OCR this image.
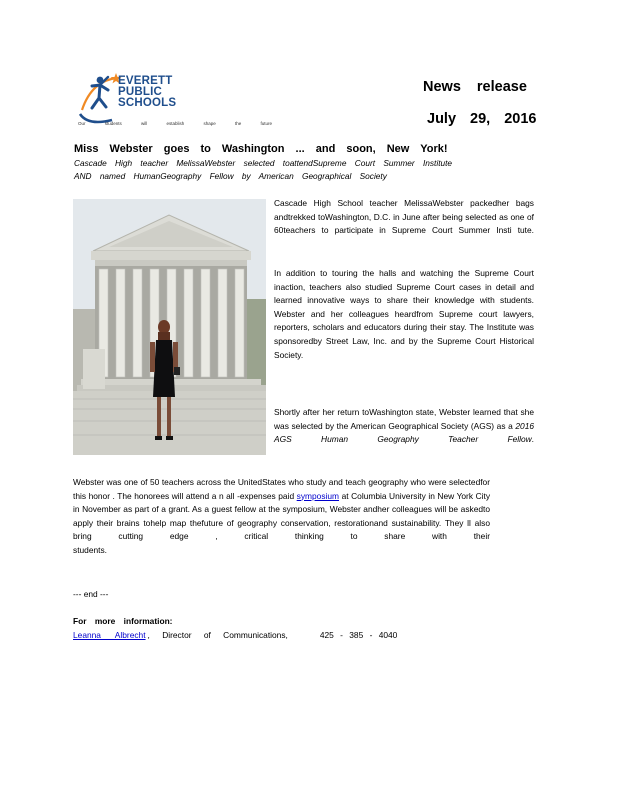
EVERETT
PUBLIC
SCHOOLS
Our students will establish shape the future
News release
July 29, 2016
Miss Webster goes to Washington ... and soon, New York!
Cascade High teacher MelissaWebster selected toattendSupreme Court Summer Institute
AND named HumanGeography Fellow by American Geographical Society
Cascade High School teacher MelissaWebster packedher bags andtrekked toWashington, D.C. in June after being selected as one of 60teachers to participate in Supreme Court Summer Insti tute.
In addition to touring the halls and watching the Supreme Court inaction, teachers also studied Supreme Court cases in detail and learned innovative ways to share their knowledge with students. Webster and her colleagues heardfrom Supreme court lawyers, reporters, scholars and educators during their stay. The Institute was sponsoredby Street Law, Inc. and by the Supreme Court Historical Society.
Shortly after her return toWashington state, Webster learned that she was selected by the American Geographical Society (AGS) as a 2016 AGS Human Geography Teacher Fellow.
Webster was one of 50 teachers across the UnitedStates who study and teach geography who were selectedfor this honor . The honorees will attend a n all -expenses paid symposium at Columbia University in New York City in November as part of a grant. As a guest fellow at the symposium, Webster andher colleagues will be askedto apply their brains tohelp map thefuture of geography conservation, restorationand sustainability. They ll also bring cutting edge , critical thinking to share with their
students.
--- end ---
For more information:
Leanna Albrecht , Director of Communications,	425 - 385 - 4040
